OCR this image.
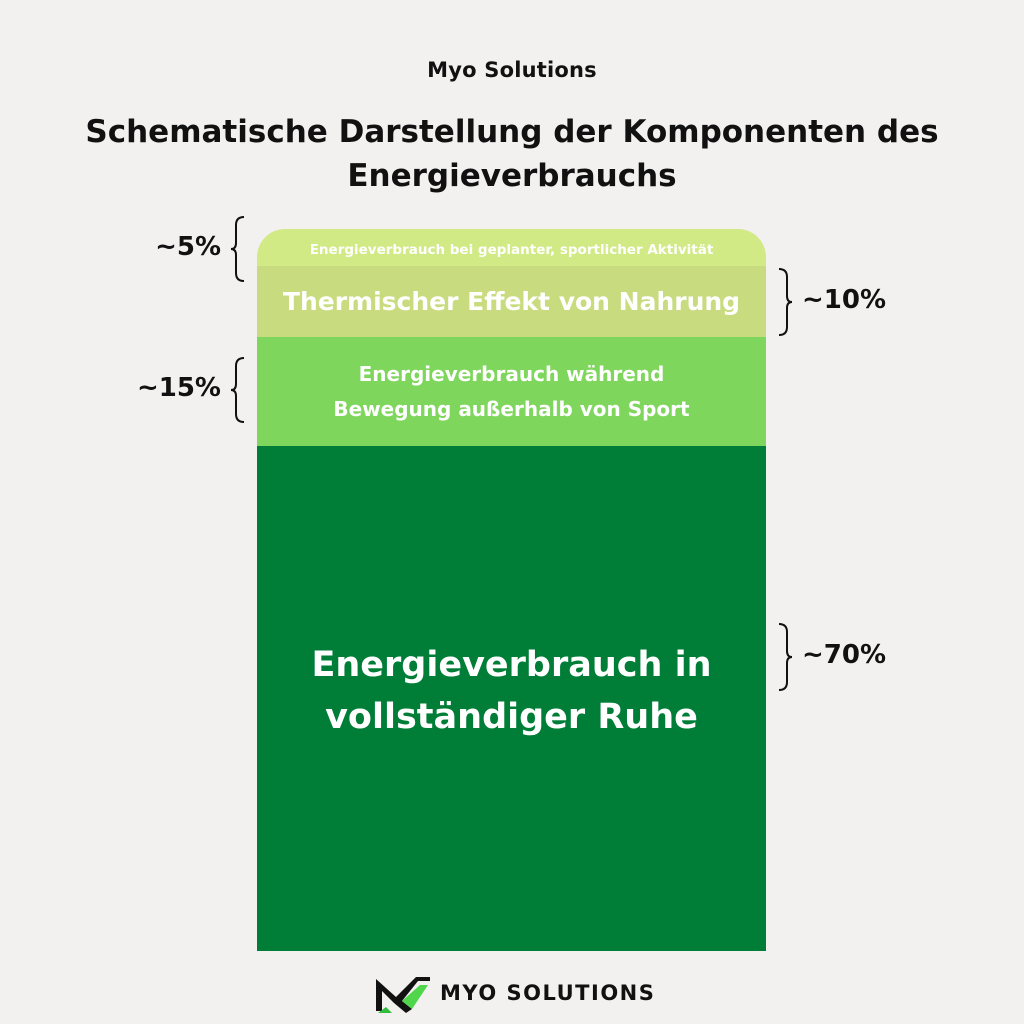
Myo Solutions
Schematische Darstellung der Komponenten des Energieverbrauchs
Energieverbrauch bei geplanter, sportlicher Aktivität
Thermischer Effekt von Nahrung
Energieverbrauch während
Bewegung außerhalb von Sport
Energieverbrauch in
vollständiger Ruhe
~5%
~10%
~15%
~70%
MYO SOLUTIONS
